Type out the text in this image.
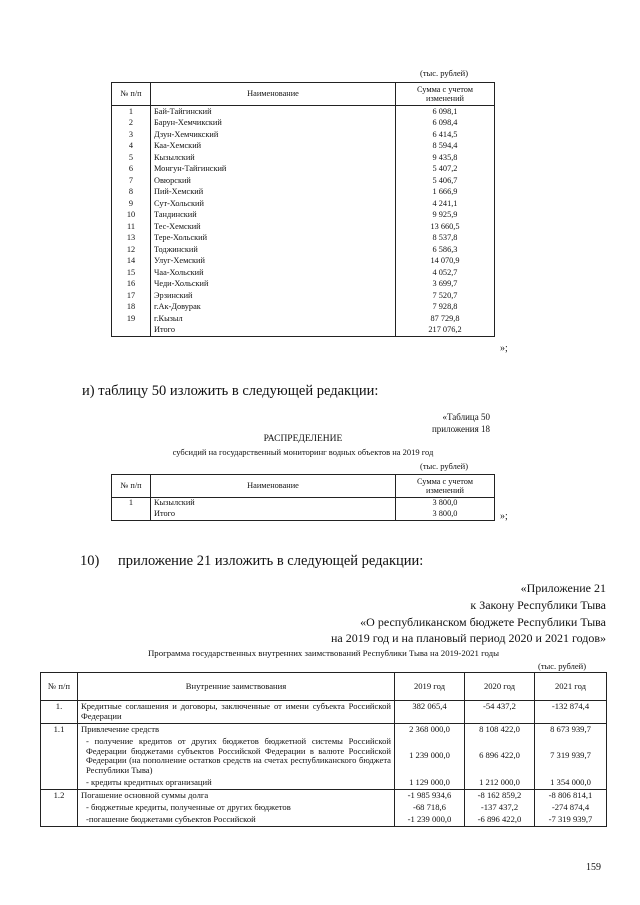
(тыс. рублей)
№ п/п	Наименование	Сумма с учетом изменений
1	Бай-Тайгинский	6 098,1
2	Барун-Хемчикский	6 098,4
3	Дзун-Хемчикский	6 414,5
4	Каа-Хемский	8 594,4
5	Кызылский	9 435,8
6	Монгун-Тайгинский	5 407,2
7	Овюрский	5 406,7
8	Пий-Хемский	1 666,9
9	Сут-Хольский	4 241,1
10	Тандинский	9 925,9
11	Тес-Хемский	13 660,5
13	Тере-Хольский	8 537,8
12	Тоджинский	6 586,3
14	Улуг-Хемский	14 070,9
15	Чаа-Хольский	4 052,7
16	Чеди-Хольский	3 699,7
17	Эрзинский	7 520,7
18	г.Ак-Довурак	7 928,8
19	г.Кызыл	87 729,8
	Итого	217 076,2
»;
и) таблицу 50 изложить в следующей редакции:
«Таблица 50
приложения 18
РАСПРЕДЕЛЕНИЕ
субсидий на государственный мониторинг водных объектов на 2019 год
(тыс. рублей)
№ п/п	Наименование	Сумма с учетом изменений
1	Кызылский	3 800,0
	Итого	3 800,0	»;
10) приложение 21 изложить в следующей редакции:
«Приложение 21
к Закону Республики Тыва
«О республиканском бюджете Республики Тыва
на 2019 год и на плановый период 2020 и 2021 годов»
Программа государственных внутренних заимствований Республики Тыва на 2019-2021 годы
(тыс. рублей)
№ п/п	Внутренние заимствования	2019 год	2020 год	2021 год
1.	Кредитные соглашения и договоры, заключенные от имени субъекта Российской Федерации	382 065,4	-54 437,2	-132 874,4
1.1	Привлечение средств	2 368 000,0	8 108 422,0	8 673 939,7
	- получение кредитов от других бюджетов бюджетной системы Российской Федерации бюджетами субъектов Российской Федерации в валюте Российской Федерации (на пополнение остатков средств на счетах республиканского бюджета Республики Тыва)	1 239 000,0	6 896 422,0	7 319 939,7
	- кредиты кредитных организаций	1 129 000,0	1 212 000,0	1 354 000,0
1.2	Погашение основной суммы долга	-1 985 934,6	-8 162 859,2	-8 806 814,1
	- бюджетные кредиты, полученные от других бюджетов	-68 718,6	-137 437,2	-274 874,4
	-погашение бюджетами субъектов Российской	-1 239 000,0	-6 896 422,0	-7 319 939,7
159
